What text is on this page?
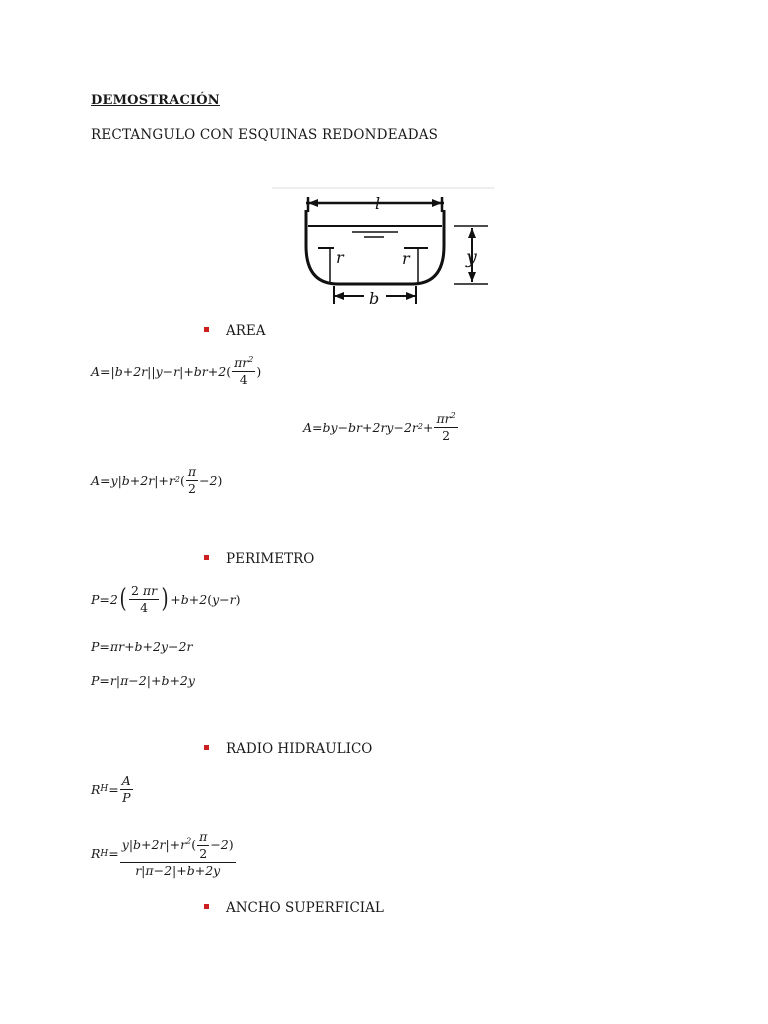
DEMOSTRACIÓN
RECTANGULO CON ESQUINAS REDONDEADAS
l
r	r	y
b
AREA
A= | b+2r || y−r | +br+2 ( $\frac{\pi r^2}{4}$ )
A=by−br+2ry−2r $2 + \frac{\pi r^2}{2}$
A=y | b+2r | +r 2 ( $\frac{\pi}{2} -2$ )
PERIMETRO
P=2 ( $\frac{2 \pi r}{4}$ ) +b+2 ( y−r )
P=πr+b+2y−2r
P=r | π−2 | +b+2y
RADIO HIDRAULICO
R $H = \frac{A}{P}$
R $H = \frac{y|b+2r|+r^2( \frac{\pi}{2} -2)}{r|\pi-2|+b+2y}$
ANCHO SUPERFICIAL
